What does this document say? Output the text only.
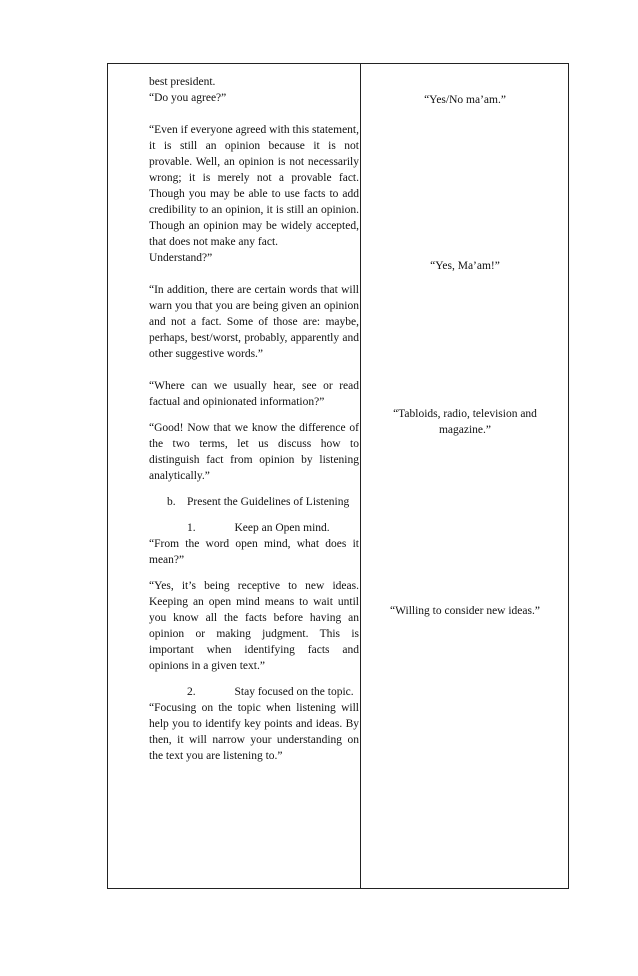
best president.

“Do you agree?”

“Even if everyone agreed with this statement, it is still an opinion because it is not provable. Well, an opinion is not necessarily wrong; it is merely not a provable fact. Though you may be able to use facts to add credibility to an opinion, it is still an opinion. Though an opinion may be widely accepted, that does not make any fact.

Understand?”

“In addition, there are certain words that will warn you that you are being given an opinion and not a fact. Some of those are: maybe, perhaps, best/worst, probably, apparently and other suggestive words.”

“Where can we usually hear, see or read factual and opinionated information?”

“Good! Now that we know the difference of the two terms, let us discuss how to distinguish fact from opinion by listening analytically.”

b. Present the Guidelines of Listening
1.	Keep an Open mind.

“From the word open mind, what does it mean?”

“Yes, it’s being receptive to new ideas. Keeping an open mind means to wait until you know all the facts before having an opinion or making judgment. This is important when identifying facts and opinions in a given text.”

2.	Stay focused on the topic.

“Focusing on the topic when listening will help you to identify key points and ideas. By then, it will narrow your understanding on the text you are listening to.”

“Yes/No ma’am.”
“Yes, Ma’am!”
“Tabloids, radio, television and magazine.”
“Willing to consider new ideas.”
